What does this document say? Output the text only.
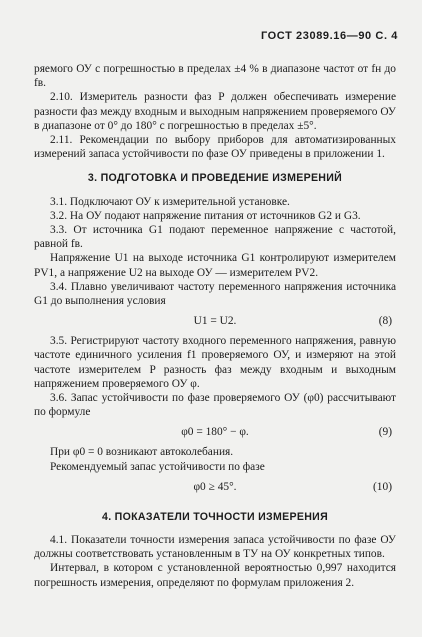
ГОСТ 23089.16—90 С. 4

ряемого ОУ с погрешностью в пределах ±4 % в диапазоне частот от fн до fв.

2.10. Измеритель разности фаз P должен обеспечивать измерение разности фаз между входным и выходным напряжением проверяемого ОУ в диапазоне от 0° до 180° с погрешностью в пределах ±5°.

2.11. Рекомендации по выбору приборов для автоматизированных измерений запаса устойчивости по фазе ОУ приведены в приложении 1.

3. ПОДГОТОВКА И ПРОВЕДЕНИЕ ИЗМЕРЕНИЙ

3.1. Подключают ОУ к измерительной установке.

3.2. На ОУ подают напряжение питания от источников G2 и G3.

3.3. От источника G1 подают переменное напряжение с частотой, равной fв.

Напряжение U1 на выходе источника G1 контролируют измерителем PV1, а напряжение U2 на выходе ОУ — измерителем PV2.

3.4. Плавно увеличивают частоту переменного напряжения источника G1 до выполнения условия

U1 = U2.	(8)

3.5. Регистрируют частоту входного переменного напряжения, равную частоте единичного усиления f1 проверяемого ОУ, и измеряют на этой частоте измерителем P разность фаз между входным и выходным напряжением проверяемого ОУ φ.

3.6. Запас устойчивости по фазе проверяемого ОУ (φ0) рассчитывают по формуле

φ0 = 180° − φ.	(9)

При φ0 = 0 возникают автоколебания.

Рекомендуемый запас устойчивости по фазе

φ0 ≥ 45°.	(10)

4. ПОКАЗАТЕЛИ ТОЧНОСТИ ИЗМЕРЕНИЯ

4.1. Показатели точности измерения запаса устойчивости по фазе ОУ должны соответствовать установленным в ТУ на ОУ конкретных типов.

Интервал, в котором с установленной вероятностью 0,997 находится погрешность измерения, определяют по формулам приложения 2.
